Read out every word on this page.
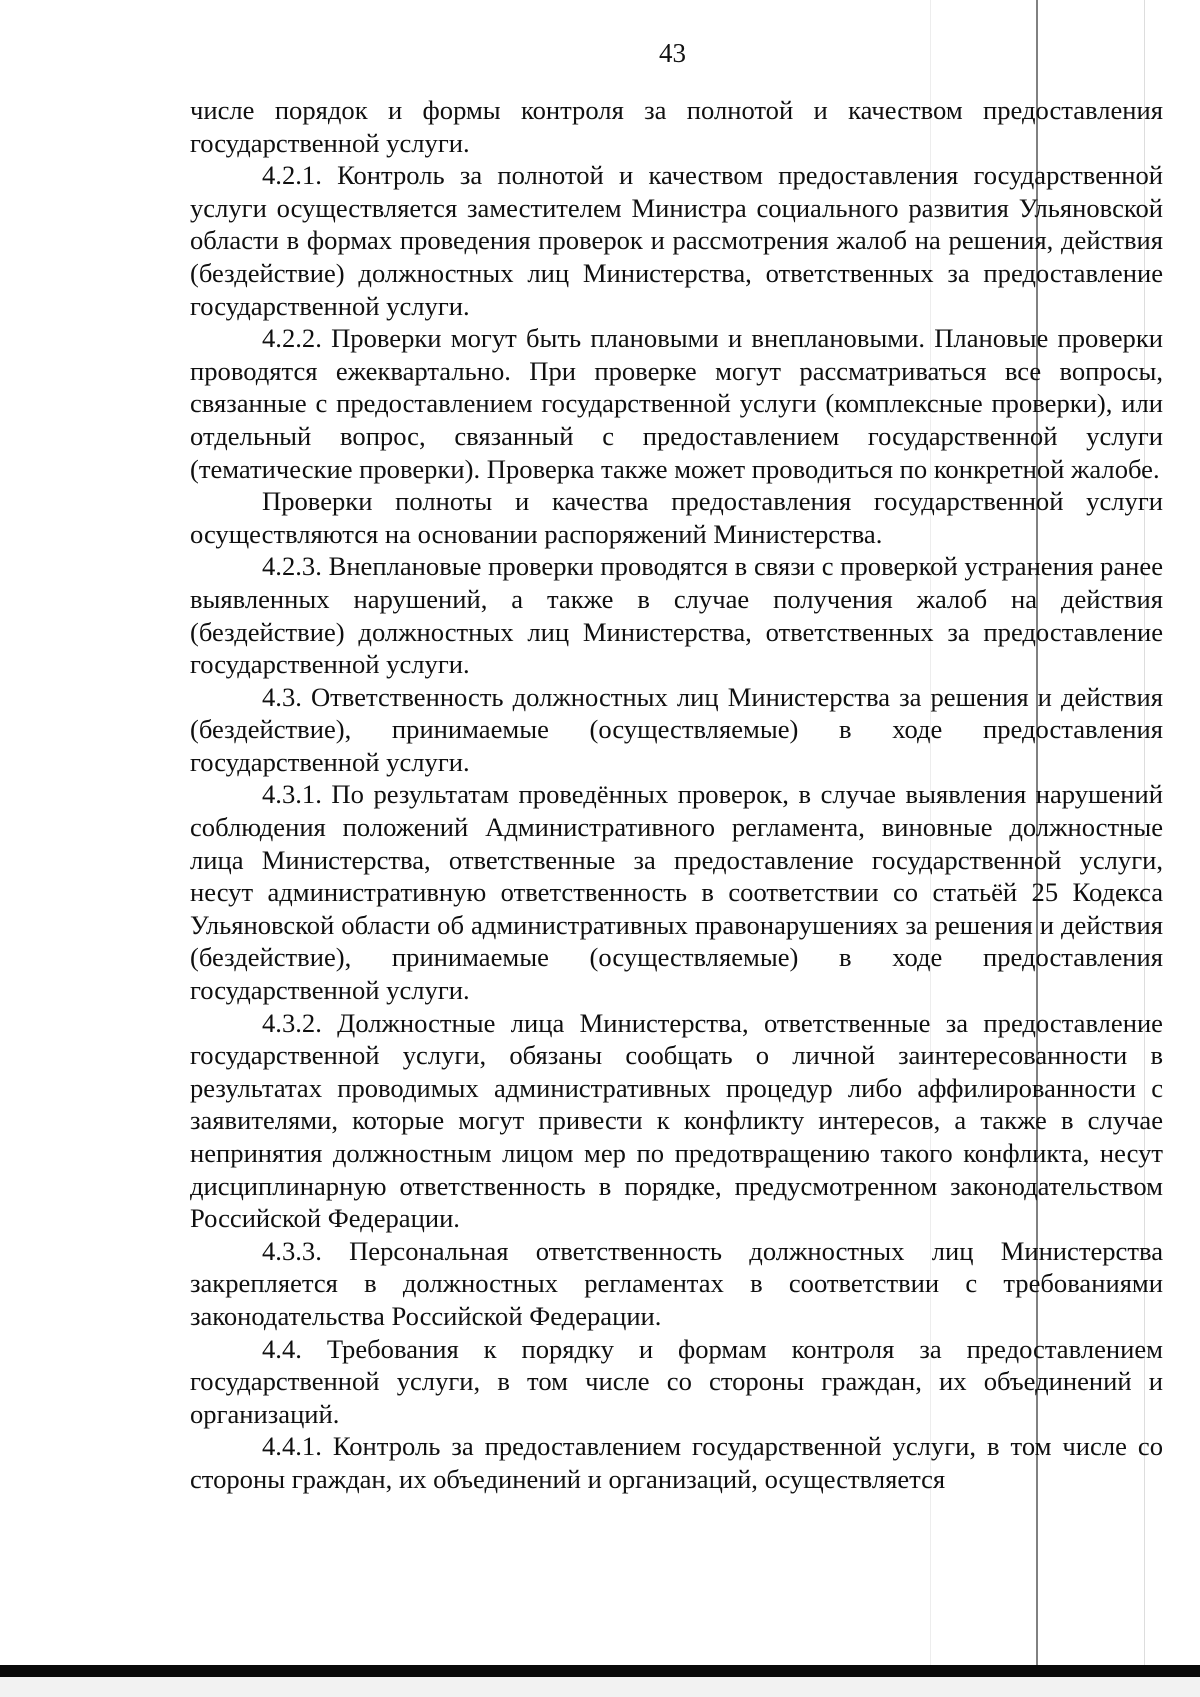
43

числе порядок и формы контроля за полнотой и качеством предоставления государственной услуги.

4.2.1. Контроль за полнотой и качеством предоставления государственной услуги осуществляется заместителем Министра социального развития Ульяновской области в формах проведения проверок и рассмотрения жалоб на решения, действия (бездействие) должностных лиц Министерства, ответственных за предоставление государственной услуги.

4.2.2. Проверки могут быть плановыми и внеплановыми. Плановые проверки проводятся ежеквартально. При проверке могут рассматриваться все вопросы, связанные с предоставлением государственной услуги (комплексные проверки), или отдельный вопрос, связанный с предоставлением государственной услуги (тематические проверки). Проверка также может проводиться по конкретной жалобе.

Проверки полноты и качества предоставления государственной услуги осуществляются на основании распоряжений Министерства.

4.2.3. Внеплановые проверки проводятся в связи с проверкой устранения ранее выявленных нарушений, а также в случае получения жалоб на действия (бездействие) должностных лиц Министерства, ответственных за предоставление государственной услуги.

4.3. Ответственность должностных лиц Министерства за решения и действия (бездействие), принимаемые (осуществляемые) в ходе предоставления государственной услуги.

4.3.1. По результатам проведённых проверок, в случае выявления нарушений соблюдения положений Административного регламента, виновные должностные лица Министерства, ответственные за предоставление государственной услуги, несут административную ответственность в соответствии со статьёй 25 Кодекса Ульяновской области об административных правонарушениях за решения и действия (бездействие), принимаемые (осуществляемые) в ходе предоставления государственной услуги.

4.3.2. Должностные лица Министерства, ответственные за предоставление государственной услуги, обязаны сообщать о личной заинтересованности в результатах проводимых административных процедур либо аффилированности с заявителями, которые могут привести к конфликту интересов, а также в случае непринятия должностным лицом мер по предотвращению такого конфликта, несут дисциплинарную ответственность в порядке, предусмотренном законодательством Российской Федерации.

4.3.3. Персональная ответственность должностных лиц Министерства закрепляется в должностных регламентах в соответствии с требованиями законодательства Российской Федерации.

4.4. Требования к порядку и формам контроля за предоставлением государственной услуги, в том числе со стороны граждан, их объединений и организаций.

4.4.1. Контроль за предоставлением государственной услуги, в том числе со стороны граждан, их объединений и организаций, осуществляется
